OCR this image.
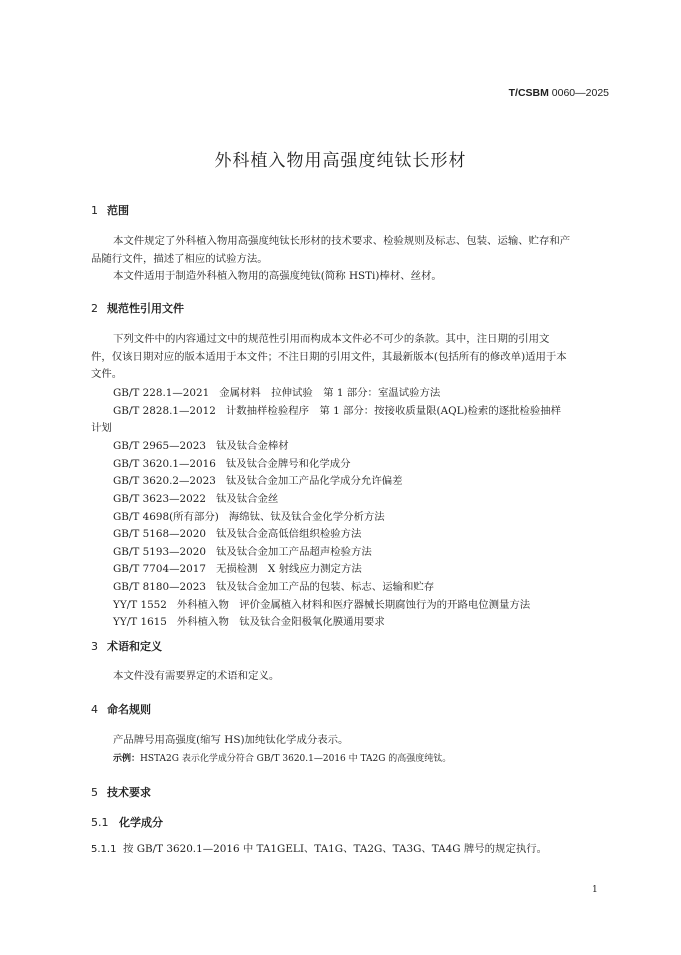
T/CSBM 0060—2025
外科植入物用高强度纯钛长形材
1 范围
本文件规定了外科植入物用高强度纯钛长形材的技术要求、检验规则及标志、包装、运输、贮存和产
品随行文件，描述了相应的试验方法。
本文件适用于制造外科植入物用的高强度纯钛(简称 HSTi)棒材、丝材。
2 规范性引用文件
下列文件中的内容通过文中的规范性引用而构成本文件必不可少的条款。其中，注日期的引用文
件，仅该日期对应的版本适用于本文件；不注日期的引用文件，其最新版本(包括所有的修改单)适用于本
文件。
GB/T 228.1—2021 金属材料　拉伸试验　第 1 部分：室温试验方法
GB/T 2828.1—2012 计数抽样检验程序　第 1 部分：按接收质量限(AQL)检索的逐批检验抽样
计划
GB/T 2965—2023 钛及钛合金棒材
GB/T 3620.1—2016 钛及钛合金牌号和化学成分
GB/T 3620.2—2023 钛及钛合金加工产品化学成分允许偏差
GB/T 3623—2022 钛及钛合金丝
GB/T 4698(所有部分) 海绵钛、钛及钛合金化学分析方法
GB/T 5168—2020 钛及钛合金高低倍组织检验方法
GB/T 5193—2020 钛及钛合金加工产品超声检验方法
GB/T 7704—2017 无损检测　X 射线应力测定方法
GB/T 8180—2023 钛及钛合金加工产品的包装、标志、运输和贮存
YY/T 1552 外科植入物　评价金属植入材料和医疗器械长期腐蚀行为的开路电位测量方法
YY/T 1615 外科植入物　钛及钛合金阳极氧化膜通用要求
3 术语和定义
本文件没有需要界定的术语和定义。
4 命名规则
产品牌号用高强度(缩写 HS)加纯钛化学成分表示。
示例：HSTA2G 表示化学成分符合 GB/T 3620.1—2016 中 TA2G 的高强度纯钛。
5 技术要求
5.1 化学成分
5.1.1 按 GB/T 3620.1—2016 中 TA1GELI、TA1G、TA2G、TA3G、TA4G 牌号的规定执行。
1
